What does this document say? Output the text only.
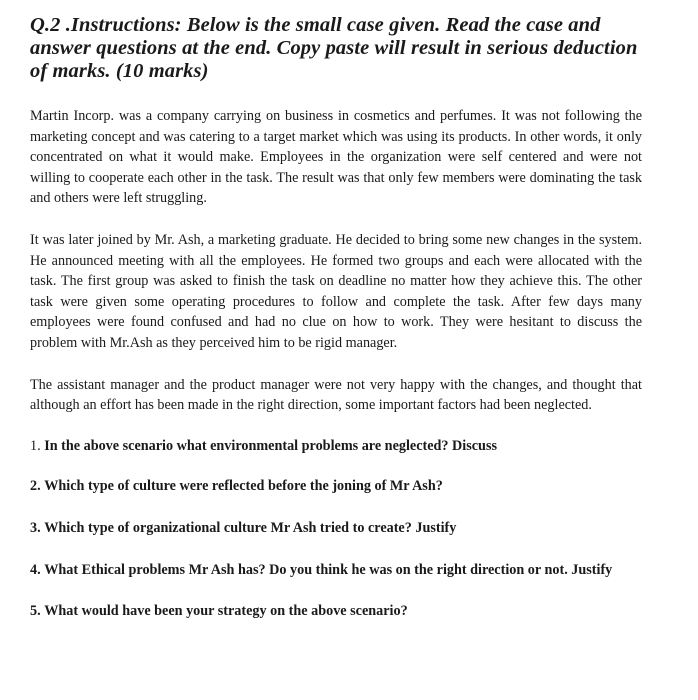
Q.2 .Instructions: Below is the small case given. Read the case and answer questions at the end. Copy paste will result in serious deduction of marks. (10 marks)
Martin Incorp. was a company carrying on business in cosmetics and perfumes. It was not following the marketing concept and was catering to a target market which was using its products. In other words, it only concentrated on what it would make. Employees in the organization were self centered and were not willing to cooperate each other in the task. The result was that only few members were dominating the task and others were left struggling.
It was later joined by Mr. Ash, a marketing graduate. He decided to bring some new changes in the system. He announced meeting with all the employees. He formed two groups and each were allocated with the task. The first group was asked to finish the task on deadline no matter how they achieve this. The other task were given some operating procedures to follow and complete the task. After few days many employees were found confused and had no clue on how to work. They were hesitant to discuss the problem with Mr.Ash as they perceived him to be rigid manager.
The assistant manager and the product manager were not very happy with the changes, and thought that although an effort has been made in the right direction, some important factors had been neglected.
1. In the above scenario what environmental problems are neglected? Discuss
2. Which type of culture were reflected before the joning of Mr Ash?
3. Which type of organizational culture Mr Ash tried to create? Justify
4. What Ethical problems Mr Ash has? Do you think he was on the right direction or not. Justify
5. What would have been your strategy on the above scenario?
